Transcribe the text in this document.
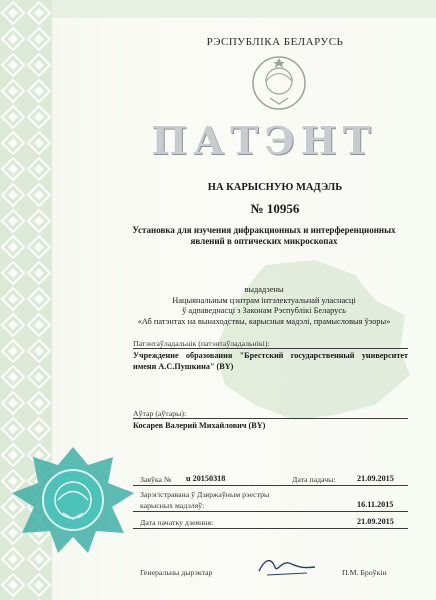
РЭСПУБЛІКА БЕЛАРУСЬ
ПАТЭНТ
НА КАРЫСНУЮ МАДЭЛЬ
№ 10956
Установка для изучения дифракционных и интерференционных явлений в оптических микроскопах
выдадзены
Нацыянальным цэнтрам інтэлектуальнай уласнасці
ў адпаведнасці з Законам Рэспублікі Беларусь
«Аб патэнтах на вынаходствы, карысныя мадэлі, прамысловыя ўзоры»
Патэнтаўладальнік (патэнтаўладальнікі):
Учреждение образования "Брестский государственный университет имени А.С.Пушкина" (BY)
Аўтар (аўтары):
Косарев Валерий Михайлович (BY)
Заяўка № u 20150318	Дата падачы:	21.09.2015
Зарэгістравана ў Дзяржаўным рэестры
карысных мадэляў:	16.11.2015
Дата пачатку дзеяння:	21.09.2015
Генеральны дырэктар	П.М. Броўкін
